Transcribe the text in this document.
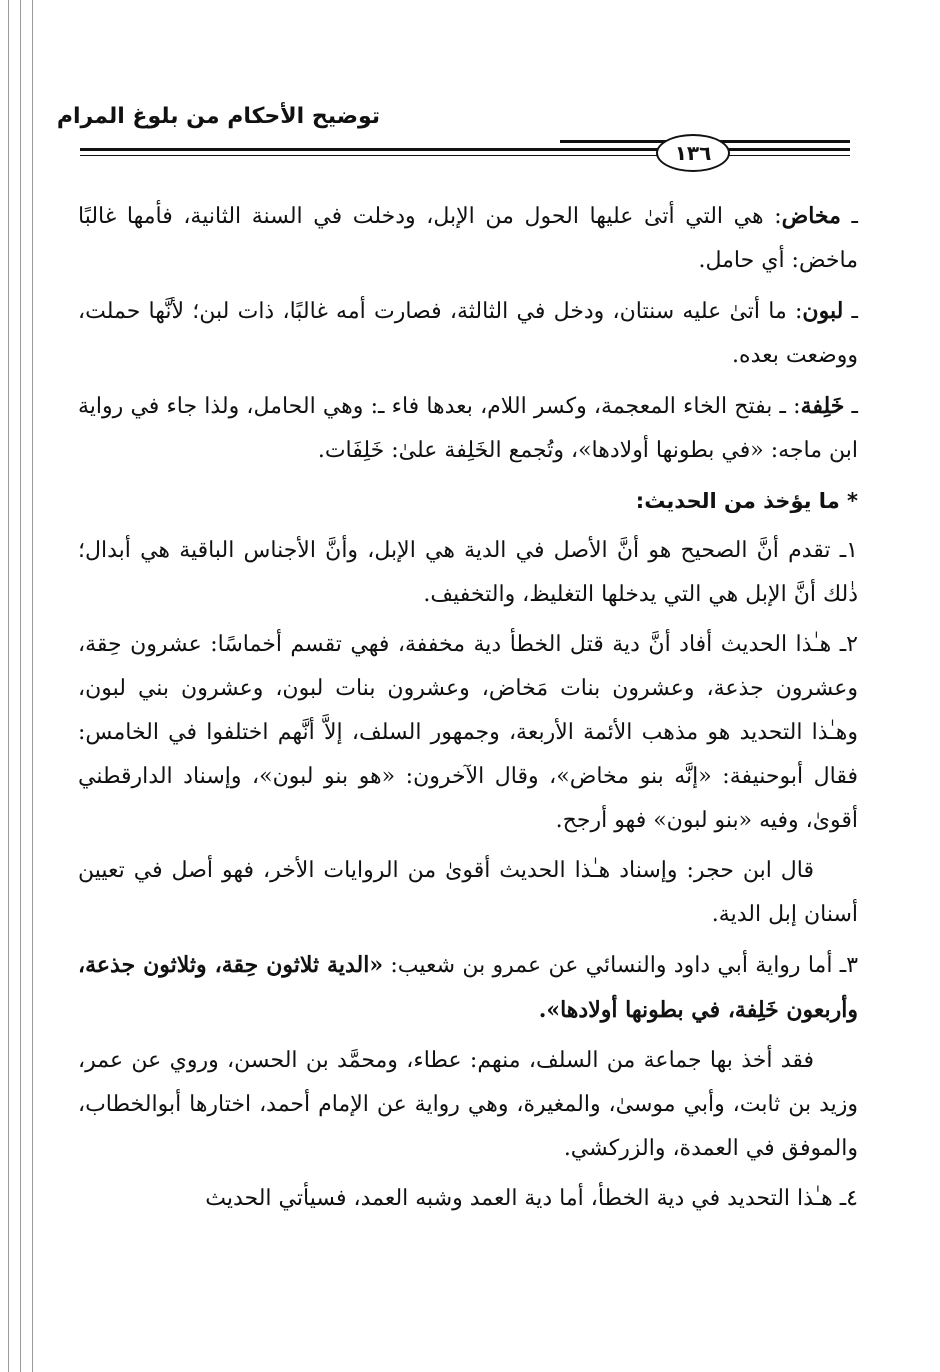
توضيح الأحكام من بلوغ المرام
١٣٦

ـ مخاض: هي التي أتىٰ عليها الحول من الإبل، ودخلت في السنة الثانية، فأمها غالبًا ماخض: أي حامل.

ـ لبون: ما أتىٰ عليه سنتان، ودخل في الثالثة، فصارت أمه غالبًا، ذات لبن؛ لأنَّها حملت، ووضعت بعده.

ـ خَلِفة: ـ بفتح الخاء المعجمة، وكسر اللام، بعدها فاء ـ: وهي الحامل، ولذا جاء في رواية ابن ماجه: «في بطونها أولادها»، وتُجمع الخَلِفة علىٰ: خَلِفَات.

* ما يؤخذ من الحديث:

١ـ تقدم أنَّ الصحيح هو أنَّ الأصل في الدية هي الإبل، وأنَّ الأجناس الباقية هي أبدال؛ ذٰلك أنَّ الإبل هي التي يدخلها التغليظ، والتخفيف.

٢ـ هـٰذا الحديث أفاد أنَّ دية قتل الخطأ دية مخففة، فهي تقسم أخماسًا: عشرون حِقة، وعشرون جذعة، وعشرون بنات مَخاض، وعشرون بنات لبون، وعشرون بني لبون، وهـٰذا التحديد هو مذهب الأئمة الأربعة، وجمهور السلف، إلاَّ أنَّهم اختلفوا في الخامس: فقال أبوحنيفة: «إنَّه بنو مخاض»، وقال الآخرون: «هو بنو لبون»، وإسناد الدارقطني أقوىٰ، وفيه «بنو لبون» فهو أرجح.

قال ابن حجر: وإسناد هـٰذا الحديث أقوىٰ من الروايات الأخر، فهو أصل في تعيين أسنان إبل الدية.

٣ـ أما رواية أبي داود والنسائي عن عمرو بن شعيب: «الدية ثلاثون حِقة، وثلاثون جذعة، وأربعون خَلِفة، في بطونها أولادها».

فقد أخذ بها جماعة من السلف، منهم: عطاء، ومحمَّد بن الحسن، وروي عن عمر، وزيد بن ثابت، وأبي موسىٰ، والمغيرة، وهي رواية عن الإمام أحمد، اختارها أبوالخطاب، والموفق في العمدة، والزركشي.

٤ـ هـٰذا التحديد في دية الخطأ، أما دية العمد وشبه العمد، فسيأتي الحديث
